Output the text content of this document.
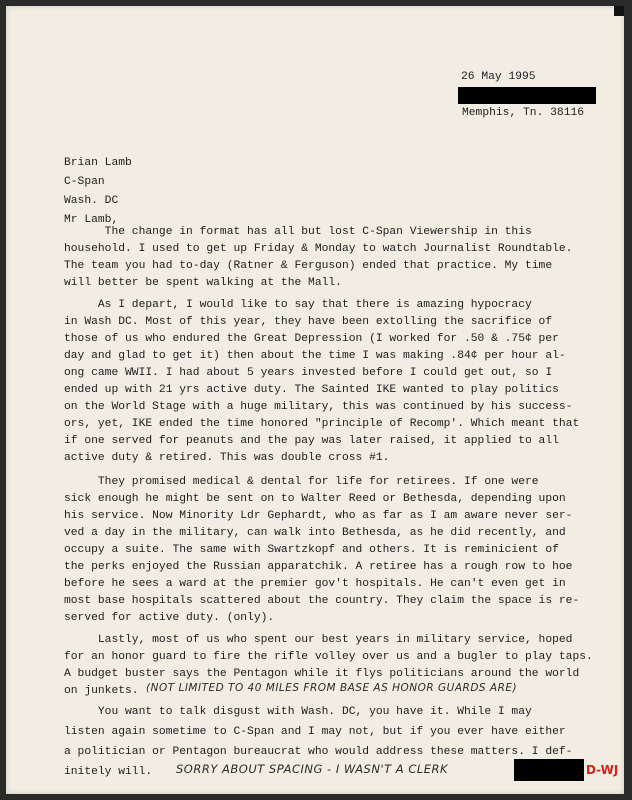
26 May 1995
Memphis, Tn. 38116
Brian Lamb
C-Span
Wash. DC
Mr Lamb,
The change in format has all but lost C-Span Viewership in this
household. I used to get up Friday & Monday to watch Journalist Roundtable.
The team you had to-day (Ratner & Ferguson) ended that practice. My time
will better be spent walking at the Mall.
As I depart, I would like to say that there is amazing hypocracy
in Wash DC. Most of this year, they have been extolling the sacrifice of
those of us who endured the Great Depression (I worked for .50 & .75¢ per
day and glad to get it) then about the time I was making .84¢ per hour al-
ong came WWII. I had about 5 years invested before I could get out, so I
ended up with 21 yrs active duty. The Sainted IKE wanted to play politics
on the World Stage with a huge military, this was continued by his success-
ors, yet, IKE ended the time honored "principle of Recomp'. Which meant that
if one served for peanuts and the pay was later raised, it applied to all
active duty & retired. This was double cross #1.
They promised medical & dental for life for retirees. If one were
sick enough he might be sent on to Walter Reed or Bethesda, depending upon
his service. Now Minority Ldr Gephardt, who as far as I am aware never ser-
ved a day in the military, can walk into Bethesda, as he did recently, and
occupy a suite. The same with Swartzkopf and others. It is reminicient of
the perks enjoyed the Russian apparatchik. A retiree has a rough row to hoe
before he sees a ward at the premier gov't hospitals. He can't even get in
most base hospitals scattered about the country. They claim the space is re-
served for active duty. (only).
Lastly, most of us who spent our best years in military service, hoped
for an honor guard to fire the rifle volley over us and a bugler to play taps.
A budget buster says the Pentagon while it flys politicians around the world
on junkets. (NOT LIMITED TO 40 MILES FROM BASE AS HONOR GUARDS ARE)
You want to talk disgust with Wash. DC, you have it. While I may
listen again sometime to C-Span and I may not, but if you ever have either
a politician or Pentagon bureaucrat who would address these matters. I def-
initely will. SORRY ABOUT SPACING - I WASN'T A CLERK	D-WJ
